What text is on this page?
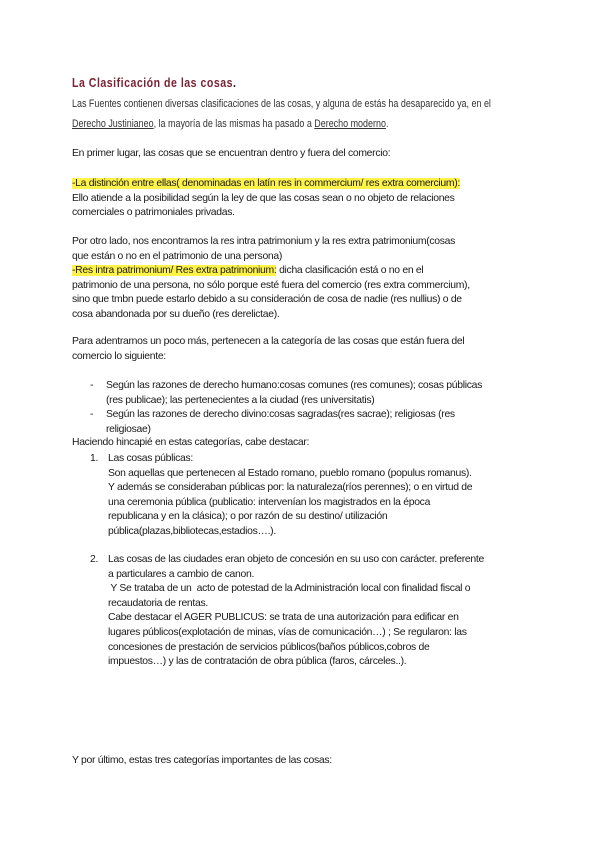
La Clasificación de las cosas.
Las Fuentes contienen diversas clasificaciones de las cosas, y alguna de estás ha desaparecido ya, en el
Derecho Justinianeo, la mayoría de las mismas ha pasado a Derecho moderno.
En primer lugar, las cosas que se encuentran dentro y fuera del comercio:
-La distinción entre ellas( denominadas en latín res in commercium/ res extra comercium):
Ello atiende a la posibilidad según la ley de que las cosas sean o no objeto de relaciones
comerciales o patrimoniales privadas.
Por otro lado, nos encontramos la res intra patrimonium y la res extra patrimonium(cosas
que están o no en el patrimonio de una persona)
-Res intra patrimonium/ Res extra patrimonium: dicha clasificación está o no en el
patrimonio de una persona, no sólo porque esté fuera del comercio (res extra commercium),
sino que tmbn puede estarlo debido a su consideración de cosa de nadie (res nullius) o de
cosa abandonada por su dueño (res derelictae).
Para adentrarnos un poco más, pertenecen a la categoría de las cosas que están fuera del
comercio lo siguiente:
- Según las razones de derecho humano:cosas comunes (res comunes); cosas públicas
(res publicae); las pertenecientes a la ciudad (res universitatis)
- Según las razones de derecho divino:cosas sagradas(res sacrae); religiosas (res
religiosae)
Haciendo hincapié en estas categorías, cabe destacar:
1. Las cosas públicas:
Son aquellas que pertenecen al Estado romano, pueblo romano (populus romanus).
Y además se consideraban públicas por: la naturaleza(ríos perennes); o en virtud de
una ceremonia pública (publicatio: intervenían los magistrados en la época
republicana y en la clásica); o por razón de su destino/ utilización
pública(plazas,bibliotecas,estadios….).
2. Las cosas de las ciudades eran objeto de concesión en su uso con carácter. preferente
a particulares a cambio de canon.
Y Se trataba de un  acto de potestad de la Administración local con finalidad fiscal o
recaudatoria de rentas.
Cabe destacar el AGER PUBLICUS: se trata de una autorización para edificar en
lugares públicos(explotación de minas, vías de comunicación…) ; Se regularon: las
concesiones de prestación de servicios públicos(baños públicos,cobros de
impuestos…) y las de contratación de obra pública (faros, cárceles..).
Y por último, estas tres categorías importantes de las cosas:
